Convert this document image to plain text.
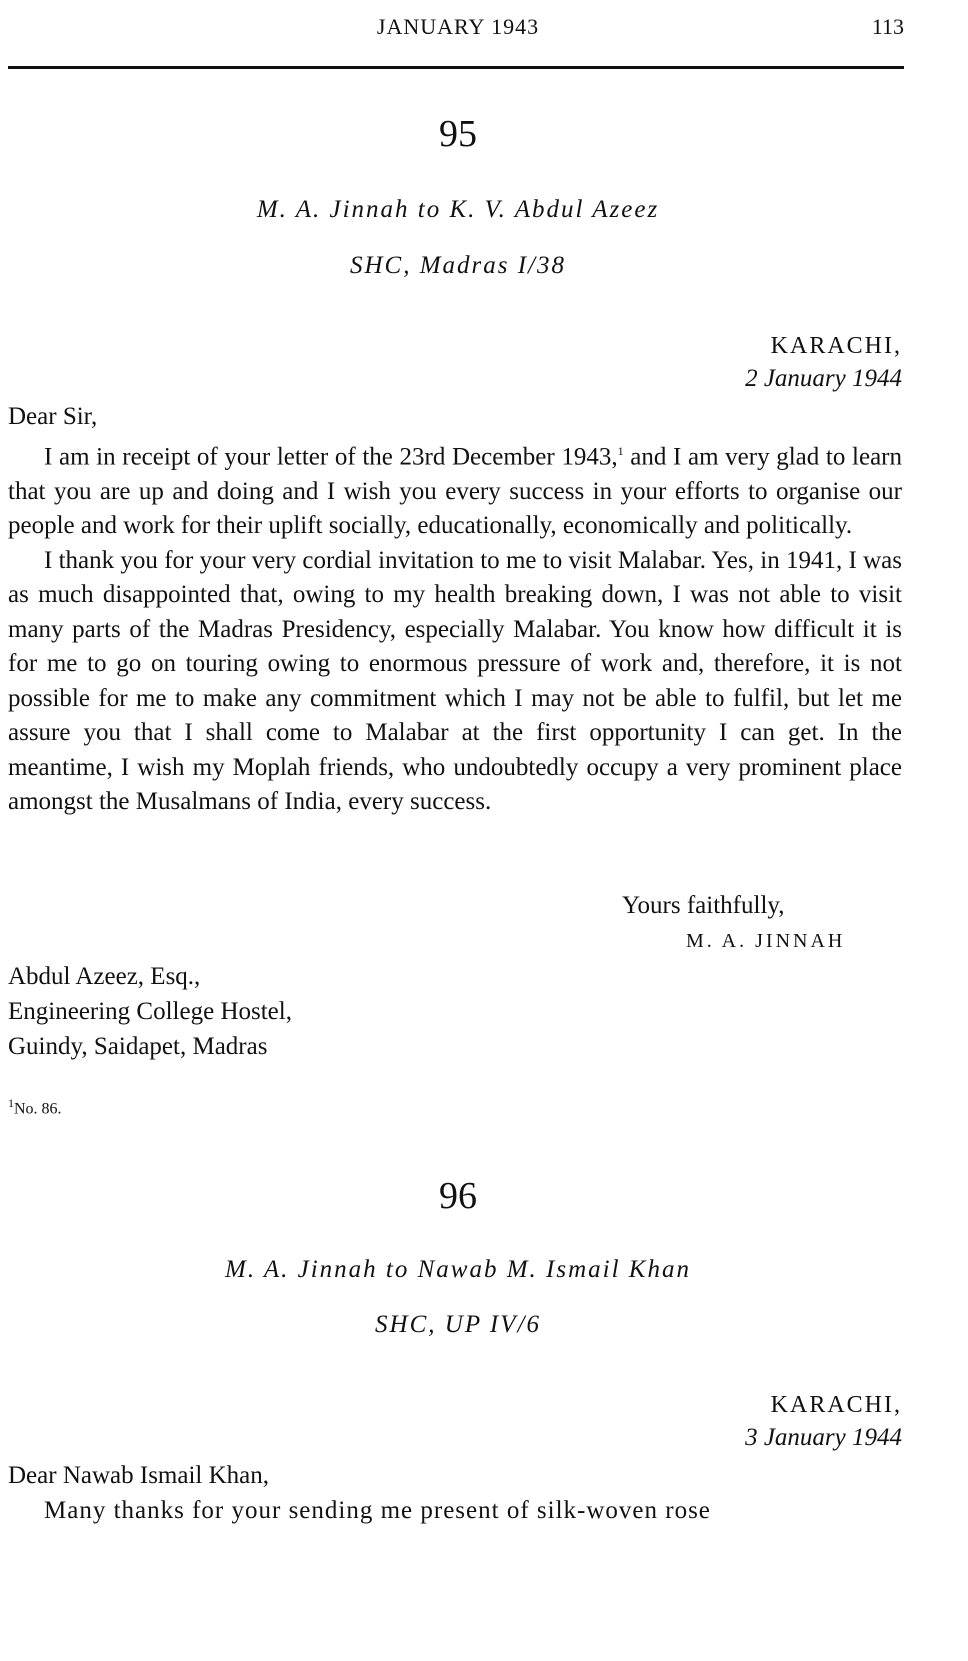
JANUARY 1943	113
95
M. A. Jinnah to K. V. Abdul Azeez
SHC, Madras I/38
KARACHI,
2 January 1944
Dear Sir,

I am in receipt of your letter of the 23rd December 1943,$^1$ and I am very glad to learn that you are up and doing and I wish you every success in your efforts to organise our people and work for their uplift socially, educationally, economically and politically.

I thank you for your very cordial invitation to me to visit Malabar. Yes, in 1941, I was as much disappointed that, owing to my health breaking down, I was not able to visit many parts of the Madras Presidency, especially Malabar. You know how difficult it is for me to go on touring owing to enormous pressure of work and, therefore, it is not possible for me to make any commitment which I may not be able to fulfil, but let me assure you that I shall come to Malabar at the first opportunity I can get. In the meantime, I wish my Moplah friends, who undoubtedly occupy a very prominent place amongst the Musalmans of India, every success.

Yours faithfully,
M. A. JINNAH
Abdul Azeez, Esq.,
Engineering College Hostel,
Guindy, Saidapet, Madras
$^1$No. 86.
96
M. A. Jinnah to Nawab M. Ismail Khan
SHC, UP IV/6
KARACHI,
3 January 1944
Dear Nawab Ismail Khan,
Many thanks for your sending me present of silk-woven rose
